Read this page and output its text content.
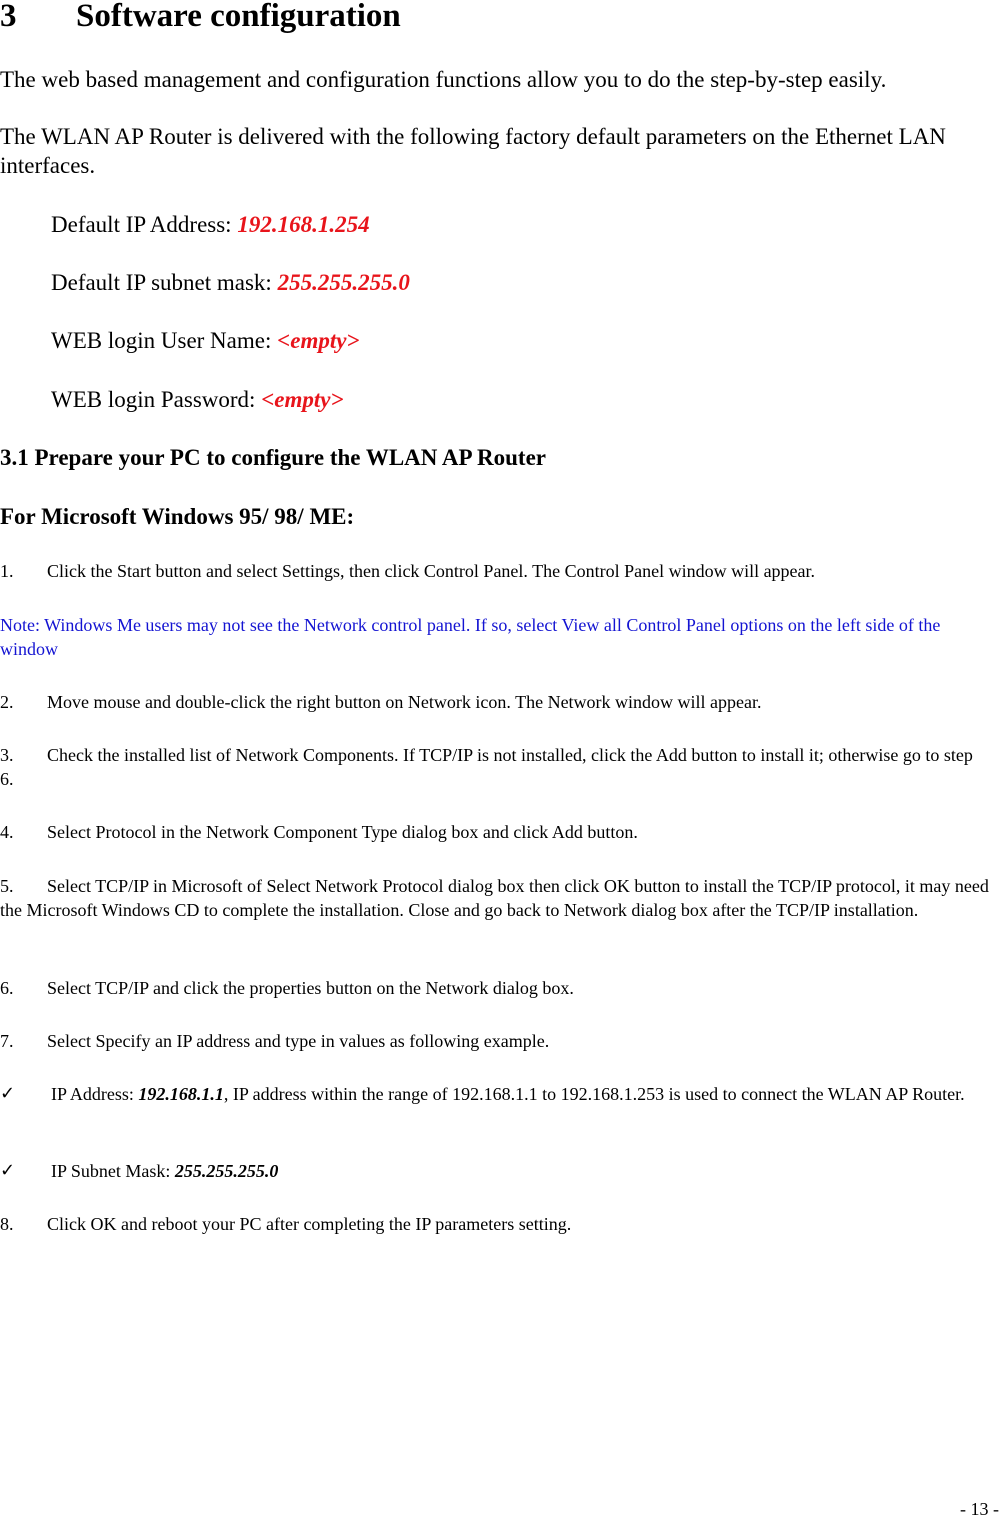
3 Software configuration
The web based management and configuration functions allow you to do the step-by-step easily.
The WLAN AP Router is delivered with the following factory default parameters on the Ethernet LAN interfaces.
Default IP Address: 192.168.1.254
Default IP subnet mask: 255.255.255.0
WEB login User Name: <empty>
WEB login Password: <empty>
3.1 Prepare your PC to configure the WLAN AP Router
For Microsoft Windows 95/ 98/ ME:
1. Click the Start button and select Settings, then click Control Panel. The Control Panel window will appear.
Note: Windows Me users may not see the Network control panel. If so, select View all Control Panel options on the left side of the window
2. Move mouse and double-click the right button on Network icon. The Network window will appear.
3. Check the installed list of Network Components. If TCP/IP is not installed, click the Add button to install it; otherwise go to step 6.
4. Select Protocol in the Network Component Type dialog box and click Add button.
5. Select TCP/IP in Microsoft of Select Network Protocol dialog box then click OK button to install the TCP/IP protocol, it may need the Microsoft Windows CD to complete the installation. Close and go back to Network dialog box after the TCP/IP installation.
6. Select TCP/IP and click the properties button on the Network dialog box.
7. Select Specify an IP address and type in values as following example.
✓ IP Address: 192.168.1.1, IP address within the range of 192.168.1.1 to 192.168.1.253 is used to connect the WLAN AP Router.
✓ IP Subnet Mask: 255.255.255.0
8. Click OK and reboot your PC after completing the IP parameters setting.
- 13 -
